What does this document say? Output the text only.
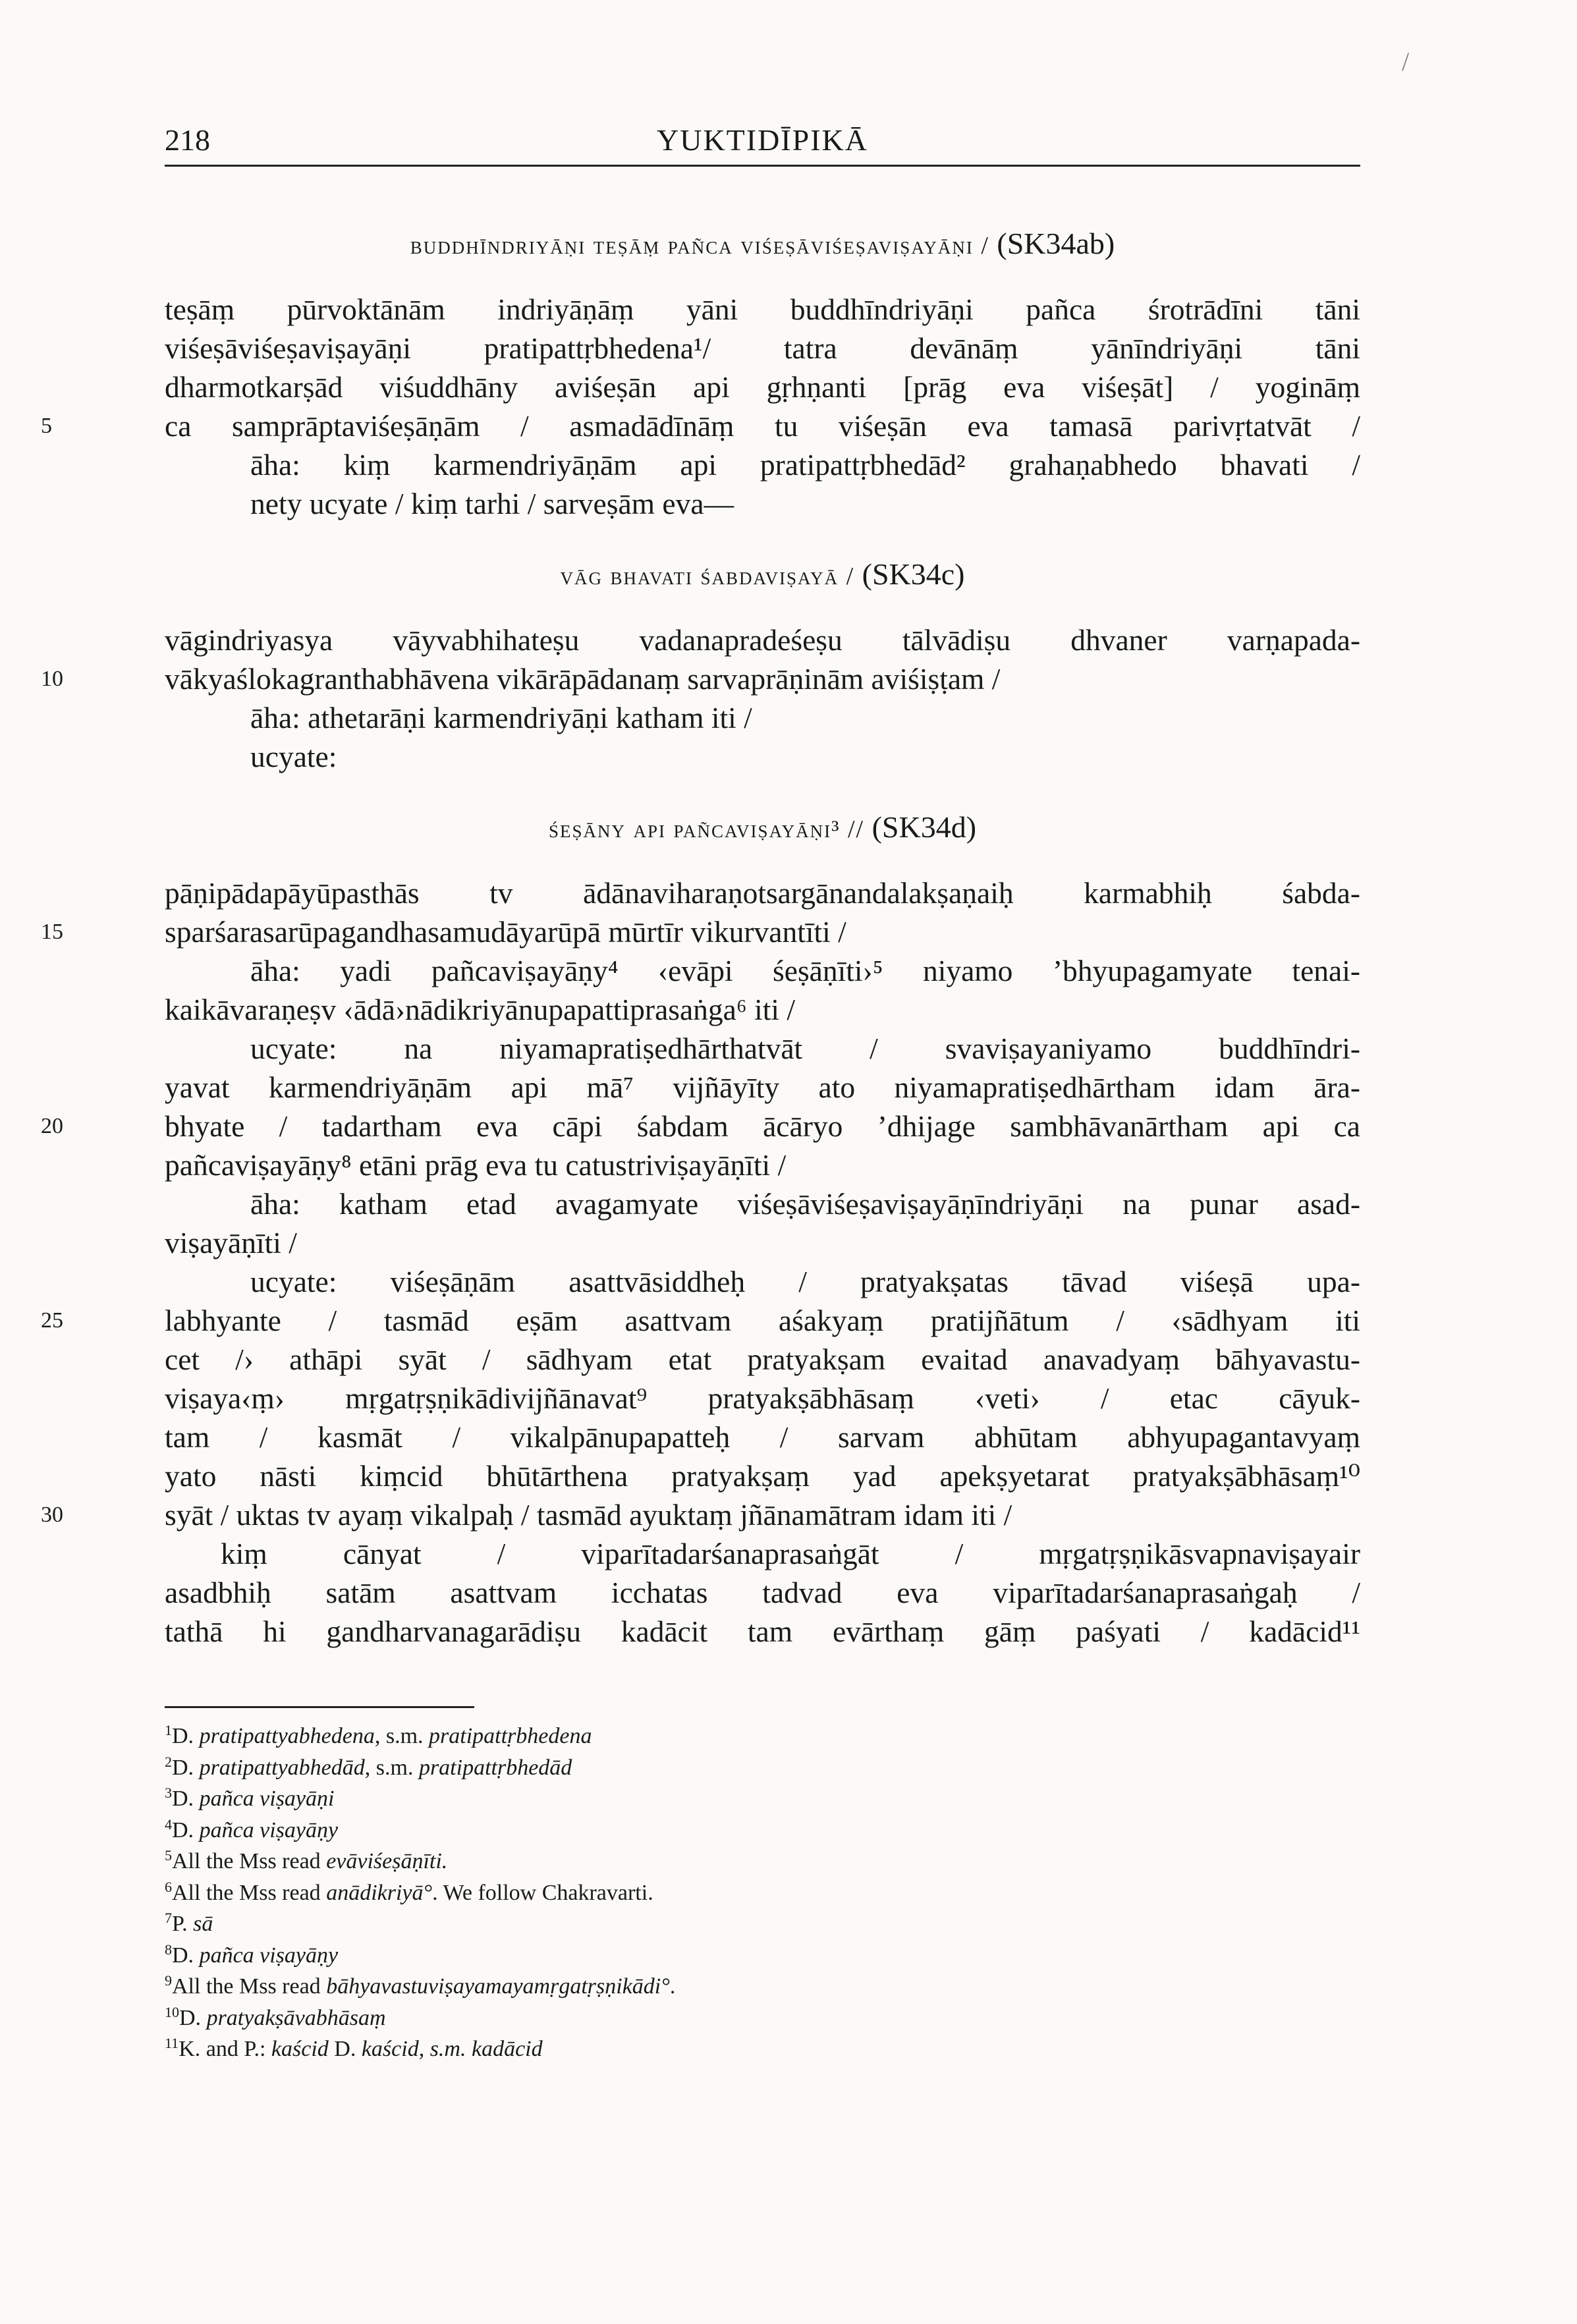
/
218	YUKTIDĪPIKĀ
buddhīndriyāṇi teṣāṃ pañca viśeṣāviśeṣaviṣayāṇi / (SK34ab)
teṣāṃ pūrvoktānām indriyāṇāṃ yāni buddhīndriyāṇi pañca śrotrādīni tāni
viśeṣāviśeṣaviṣayāṇi pratipattṛbhedena¹/ tatra devānāṃ yānīndriyāṇi tāni
dharmotkarṣād viśuddhāny aviśeṣān api gṛhṇanti [prāg eva viśeṣāt] / yogināṃ
5	ca samprāptaviśeṣāṇām / asmadādīnāṃ tu viśeṣān eva tamasā parivṛtatvāt /
āha: kiṃ karmendriyāṇām api pratipattṛbhedād² grahaṇabhedo bhavati /
nety ucyate / kiṃ tarhi / sarveṣām eva—
vāg bhavati śabdaviṣayā / (SK34c)
vāgindriyasya vāyvabhihateṣu vadanapradeśeṣu tālvādiṣu dhvaner varṇapada-
10	vākyaślokagranthabhāvena vikārāpādanaṃ sarvaprāṇinām aviśiṣṭam /
āha: athetarāṇi karmendriyāṇi katham iti /
ucyate:
śeṣāny api pañcaviṣayāṇi³ // (SK34d)
pāṇipādapāyūpasthās tv ādānaviharaṇotsargānandalakṣaṇaiḥ karmabhiḥ śabda-
15	sparśarasarūpagandhasamudāyarūpā mūrtīr vikurvantīti /
āha: yadi pañcaviṣayāṇy⁴ ‹evāpi śeṣāṇīti›⁵ niyamo ’bhyupagamyate tenai-
kaikāvaraṇeṣv ‹ādā›nādikriyānupapattiprasaṅga⁶ iti /
ucyate: na niyamapratiṣedhārthatvāt / svaviṣayaniyamo buddhīndri-
yavat karmendriyāṇām api mā⁷ vijñāyīty ato niyamapratiṣedhārtham idam āra-
20	bhyate / tadartham eva cāpi śabdam ācāryo ’dhijage sambhāvanārtham api ca
pañcaviṣayāṇy⁸ etāni prāg eva tu catustriviṣayāṇīti /
āha: katham etad avagamyate viśeṣāviśeṣaviṣayāṇīndriyāṇi na punar asad-
viṣayāṇīti /
ucyate: viśeṣāṇām asattvāsiddheḥ / pratyakṣatas tāvad viśeṣā upa-
25	labhyante / tasmād eṣām asattvam aśakyaṃ pratijñātum / ‹sādhyam iti
cet /› athāpi syāt / sādhyam etat pratyakṣam evaitad anavadyaṃ bāhyavastu-
viṣaya‹ṃ› mṛgatṛṣṇikādivijñānavat⁹ pratyakṣābhāsaṃ ‹veti› / etac cāyuk-
tam / kasmāt / vikalpānupapatteḥ / sarvam abhūtam abhyupagantavyaṃ
yato nāsti kiṃcid bhūtārthena pratyakṣaṃ yad apekṣyetarat pratyakṣābhāsaṃ¹⁰
30	syāt / uktas tv ayaṃ vikalpaḥ / tasmād ayuktaṃ jñānamātram idam iti /
kiṃ cānyat / viparītadarśanaprasaṅgāt / mṛgatṛṣṇikāsvapnaviṣayair
asadbhiḥ satām asattvam icchatas tadvad eva viparītadarśanaprasaṅgaḥ /
tathā hi gandharvanagarādiṣu kadācit tam evārthaṃ gāṃ paśyati / kadācid¹¹
$^1$D. pratipattyabhedena, s.m. pratipattṛbhedena
$^2$D. pratipattyabhedād, s.m. pratipattṛbhedād
$^3$D. pañca viṣayāṇi
$^4$D. pañca viṣayāṇy
$^5$All the Mss read evāviśeṣāṇīti.
$^6$All the Mss read anādikriyā°. We follow Chakravarti.
$^7$P. sā
$^8$D. pañca viṣayāṇy
$^9$All the Mss read bāhyavastuviṣayamayamṛgatṛṣṇikādi°.
$^{10}$D. pratyakṣāvabhāsaṃ
$^{11}$K. and P.: kaścid D. kaścid, s.m. kadācid
